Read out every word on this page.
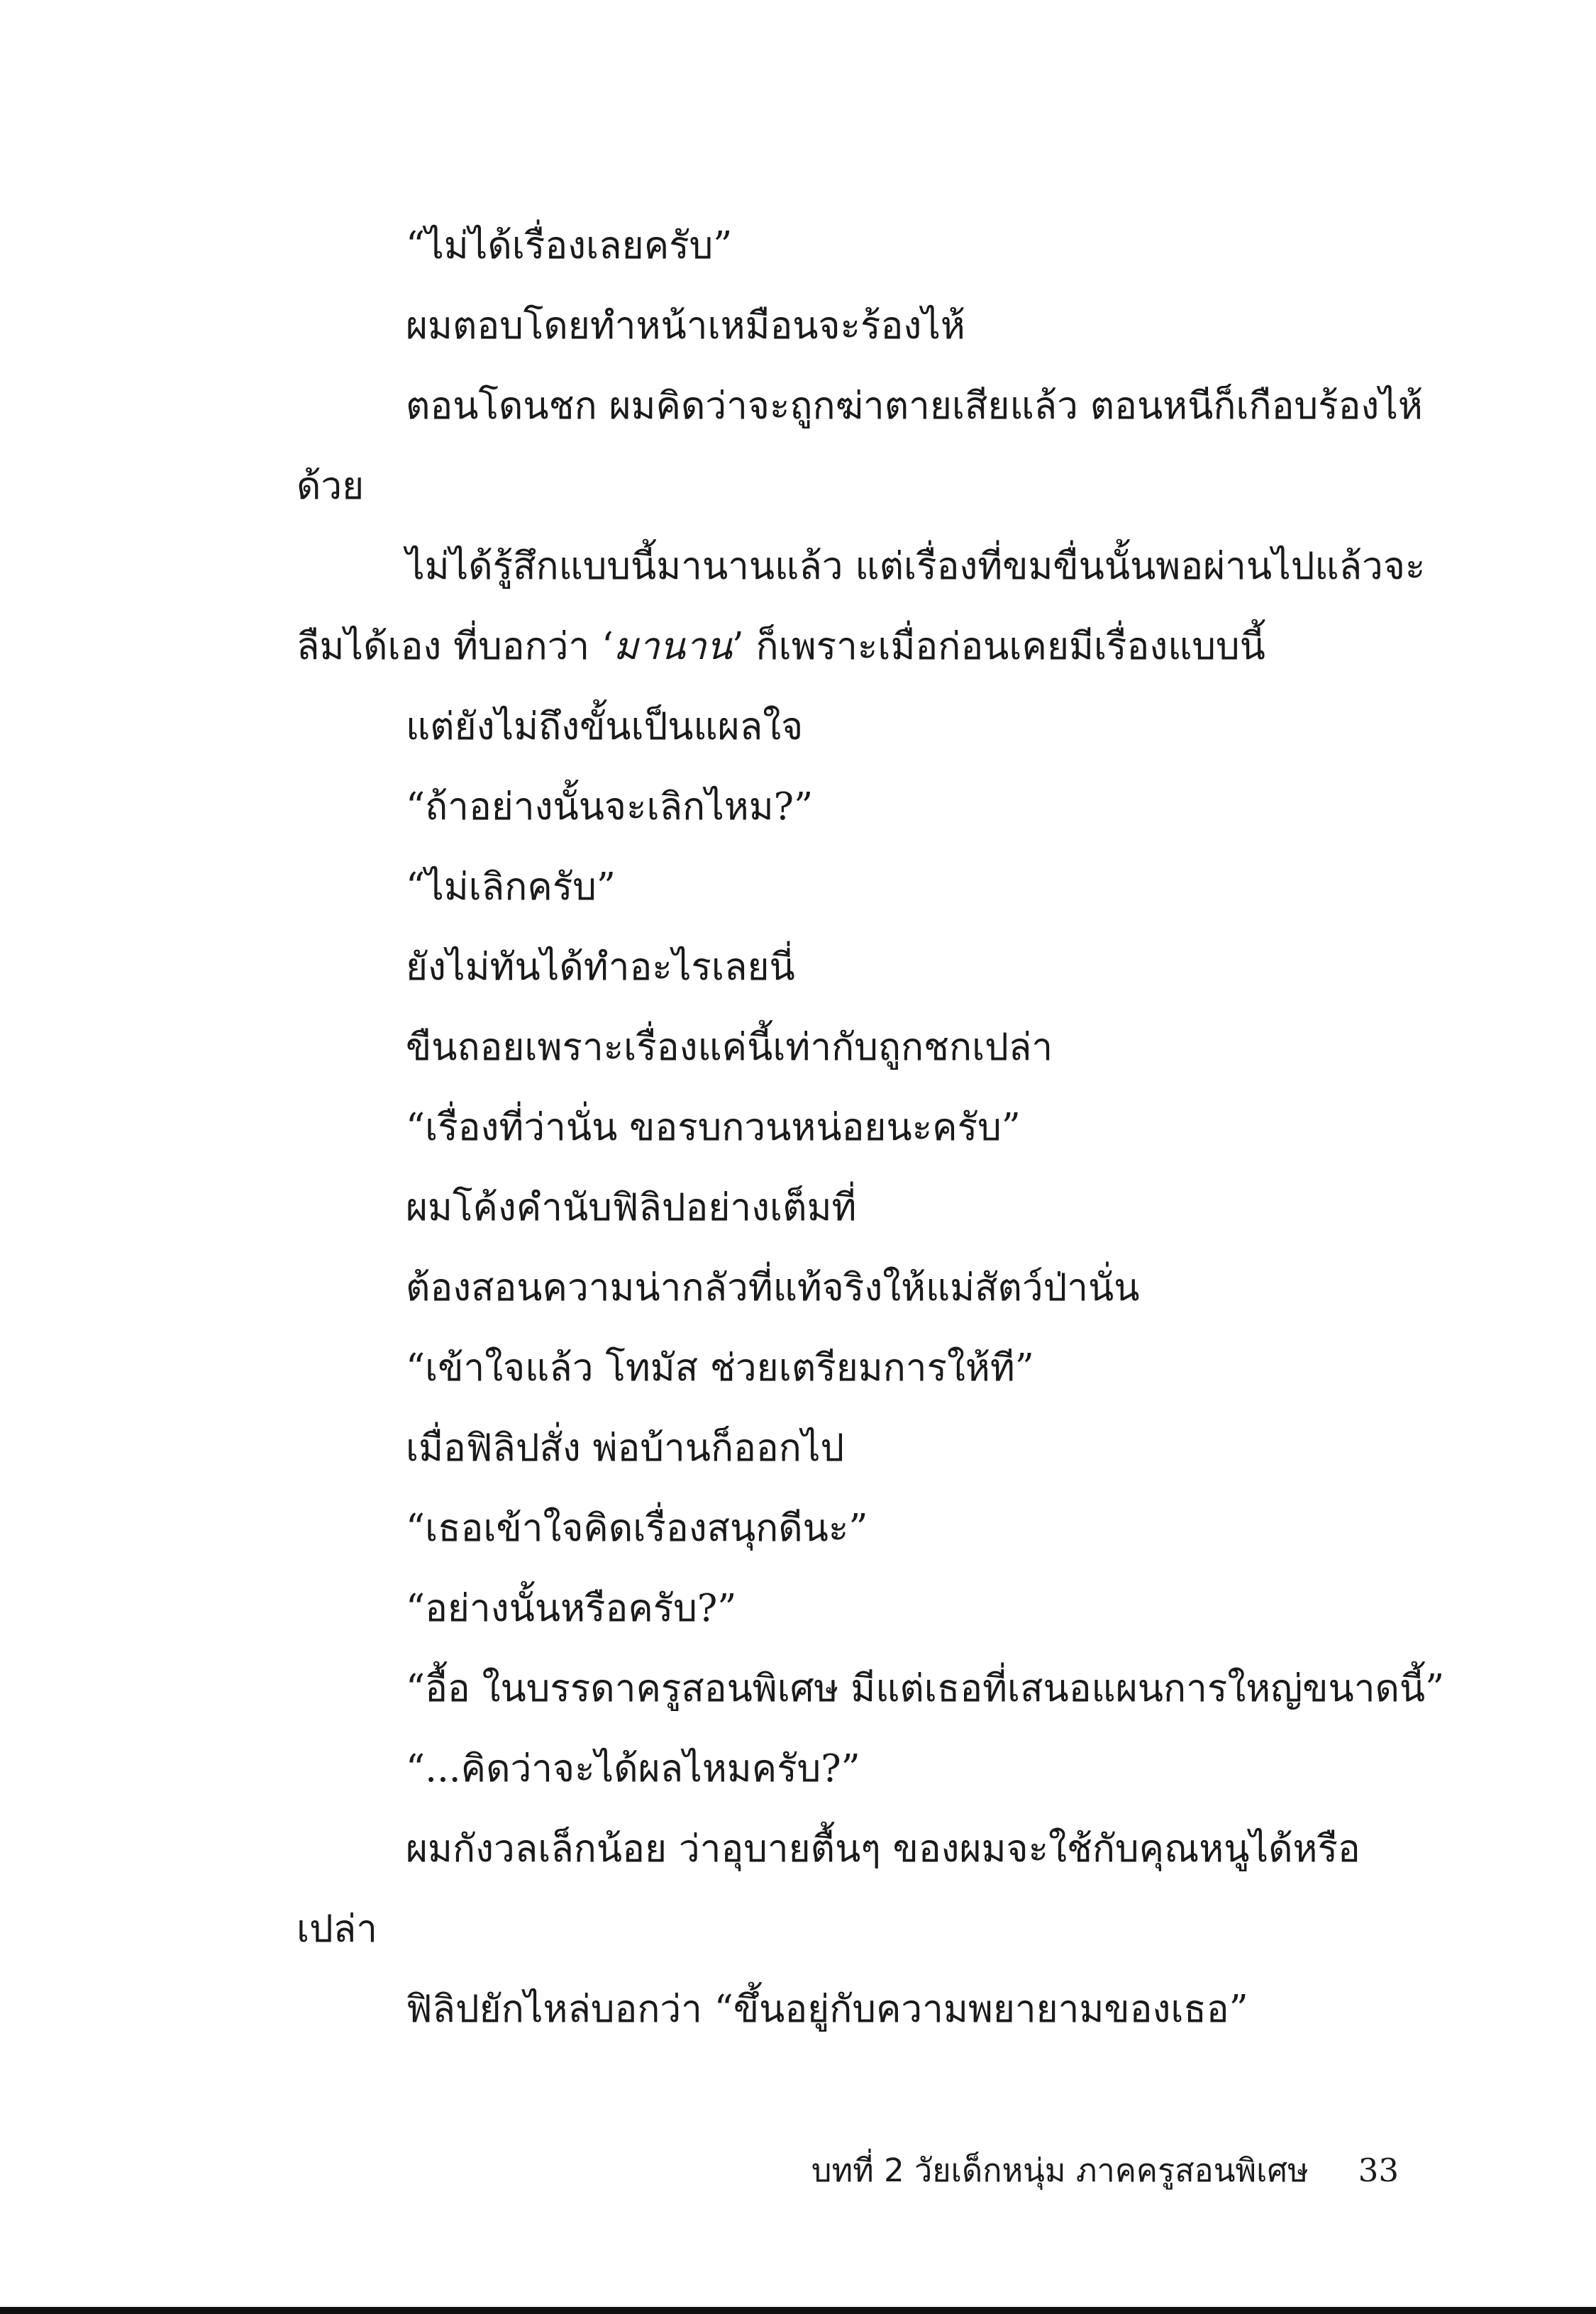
“ไม่ได้เรื่องเลยครับ”
ผมตอบโดยทำหน้าเหมือนจะร้องไห้
ตอนโดนชก ผมคิดว่าจะถูกฆ่าตายเสียแล้ว ตอนหนีก็เกือบร้องไห้
ด้วย
ไม่ได้รู้สึกแบบนี้มานานแล้ว แต่เรื่องที่ขมขื่นนั้นพอผ่านไปแล้วจะ
ลืมได้เอง ที่บอกว่า ‘มานาน’ ก็เพราะเมื่อก่อนเคยมีเรื่องแบบนี้
แต่ยังไม่ถึงขั้นเป็นแผลใจ
“ถ้าอย่างนั้นจะเลิกไหม?”
“ไม่เลิกครับ”
ยังไม่ทันได้ทำอะไรเลยนี่
ขืนถอยเพราะเรื่องแค่นี้เท่ากับถูกชกเปล่า
“เรื่องที่ว่านั่น ขอรบกวนหน่อยนะครับ”
ผมโค้งคำนับฟิลิปอย่างเต็มที่
ต้องสอนความน่ากลัวที่แท้จริงให้แม่สัตว์ป่านั่น
“เข้าใจแล้ว โทมัส ช่วยเตรียมการให้ที”
เมื่อฟิลิปสั่ง พ่อบ้านก็ออกไป
“เธอเข้าใจคิดเรื่องสนุกดีนะ”
“อย่างนั้นหรือครับ?”
“อื้อ ในบรรดาครูสอนพิเศษ มีแต่เธอที่เสนอแผนการใหญ่ขนาดนี้”
“...คิดว่าจะได้ผลไหมครับ?”
ผมกังวลเล็กน้อย ว่าอุบายตื้นๆ ของผมจะใช้กับคุณหนูได้หรือ
เปล่า
ฟิลิปยักไหล่บอกว่า “ขึ้นอยู่กับความพยายามของเธอ”
บทที่ 2 วัยเด็กหนุ่ม ภาคครูสอนพิเศษ 33
